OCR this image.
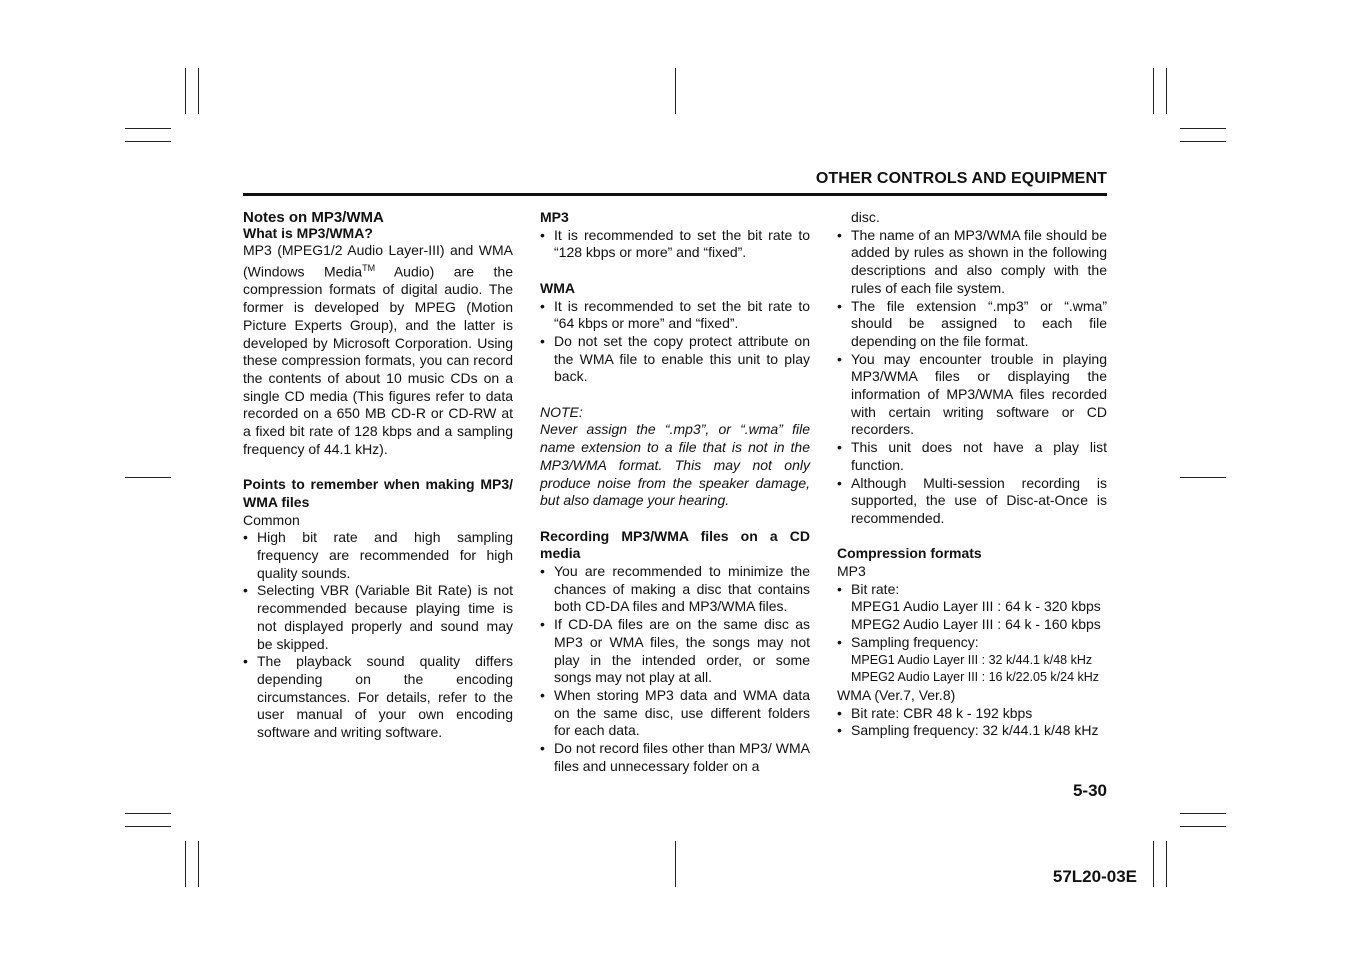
OTHER CONTROLS AND EQUIPMENT

Notes on MP3/WMA

What is MP3/WMA?

MP3 (MPEG1/2 Audio Layer-III) and WMA (Windows Media™ Audio) are the compression formats of digital audio. The former is developed by MPEG (Motion Picture Experts Group), and the latter is developed by Microsoft Corporation. Using these compression formats, you can record the contents of about 10 music CDs on a single CD media (This figures refer to data recorded on a 650 MB CD-R or CD-RW at a fixed bit rate of 128 kbps and a sampling frequency of 44.1 kHz).

Points to remember when making MP3/ WMA files

Common

• High bit rate and high sampling frequency are recommended for high quality sounds.
• Selecting VBR (Variable Bit Rate) is not recommended because playing time is not displayed properly and sound may be skipped.
• The playback sound quality differs depending on the encoding circumstances. For details, refer to the user manual of your own encoding software and writing software.

MP3

• It is recommended to set the bit rate to “128 kbps or more” and “fixed”.

WMA

• It is recommended to set the bit rate to “64 kbps or more” and “fixed”.
• Do not set the copy protect attribute on the WMA file to enable this unit to play back.

NOTE:

Never assign the “.mp3”, or “.wma” file name extension to a file that is not in the MP3/WMA format. This may not only produce noise from the speaker damage, but also damage your hearing.

Recording MP3/WMA files on a CD media

• You are recommended to minimize the chances of making a disc that contains both CD-DA files and MP3/WMA files.
• If CD-DA files are on the same disc as MP3 or WMA files, the songs may not play in the intended order, or some songs may not play at all.
• When storing MP3 data and WMA data on the same disc, use different folders for each data.
• Do not record files other than MP3/ WMA files and unnecessary folder on a

disc.

• The name of an MP3/WMA file should be added by rules as shown in the following descriptions and also comply with the rules of each file system.
• The file extension “.mp3” or “.wma” should be assigned to each file depending on the file format.
• You may encounter trouble in playing MP3/WMA files or displaying the information of MP3/WMA files recorded with certain writing software or CD recorders.
• This unit does not have a play list function.
• Although Multi-session recording is supported, the use of Disc-at-Once is recommended.

Compression formats

MP3

• Bit rate:
MPEG1 Audio Layer III : 64 k - 320 kbps
MPEG2 Audio Layer III : 64 k - 160 kbps
• Sampling frequency:
MPEG1 Audio Layer III : 32 k/44.1 k/48 kHz
MPEG2 Audio Layer III : 16 k/22.05 k/24 kHz

WMA (Ver.7, Ver.8)

• Bit rate: CBR 48 k - 192 kbps
• Sampling frequency: 32 k/44.1 k/48 kHz
5-30
57L20-03E
